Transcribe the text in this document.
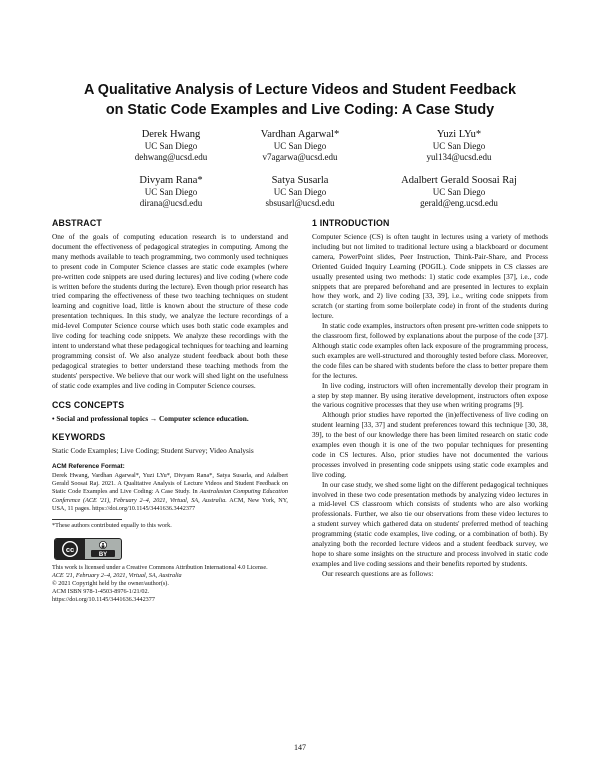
A Qualitative Analysis of Lecture Videos and Student Feedback
on Static Code Examples and Live Coding: A Case Study
Derek Hwang
UC San Diego
dehwang@ucsd.edu
Vardhan Agarwal*
UC San Diego
v7agarwa@ucsd.edu
Yuzi LYu*
UC San Diego
yul134@ucsd.edu
Divyam Rana*
UC San Diego
dirana@ucsd.edu
Satya Susarla
UC San Diego
sbsusarl@ucsd.edu
Adalbert Gerald Soosai Raj
UC San Diego
gerald@eng.ucsd.edu
ABSTRACT

One of the goals of computing education research is to understand and document the effectiveness of pedagogical strategies in computing. Among the many methods available to teach programming, two commonly used techniques to present code in Computer Science classes are static code examples (where pre-written code snippets are used during lectures) and live coding (where code is written before the students during the lecture). Even though prior research has tried comparing the effectiveness of these two teaching techniques on student learning and cognitive load, little is known about the structure of these code presentation techniques. In this study, we analyze the lecture recordings of a mid-level Computer Science course which uses both static code examples and live coding for teaching code snippets. We analyze these recordings with the intent to understand what these pedagogical techniques for teaching and learning programming consist of. We also analyze student feedback about both these pedagogical strategies to better understand these teaching methods from the students' perspective. We believe that our work will shed light on the usefulness of static code examples and live coding in Computer Science courses.

CCS CONCEPTS

• Social and professional topics → Computer science education.

KEYWORDS

Static Code Examples; Live Coding; Student Survey; Video Analysis

ACM Reference Format:

Derek Hwang, Vardhan Agarwal*, Yuzi LYu*, Divyam Rana*, Satya Susarla, and Adalbert Gerald Soosai Raj. 2021. A Qualitative Analysis of Lecture Videos and Student Feedback on Static Code Examples and Live Coding: A Case Study. In Australasian Computing Education Conference (ACE '21), February 2–4, 2021, Virtual, SA, Australia. ACM, New York, NY, USA, 11 pages. https://doi.org/10.1145/3441636.3442377

*These authors contributed equally to this work.

cc
BY
This work is licensed under a Creative Commons Attribution International 4.0 License.
ACE '21, February 2–4, 2021, Virtual, SA, Australia
© 2021 Copyright held by the owner/author(s).
ACM ISBN 978-1-4503-8976-1/21/02.
https://doi.org/10.1145/3441636.3442377
1 INTRODUCTION

Computer Science (CS) is often taught in lectures using a variety of methods including but not limited to traditional lecture using a blackboard or document camera, PowerPoint slides, Peer Instruction, Think-Pair-Share, and Process Oriented Guided Inquiry Learning (POGIL). Code snippets in CS classes are usually presented using two methods: 1) static code examples [37], i.e., code snippets that are prepared beforehand and are presented in lectures to explain how they work, and 2) live coding [33, 39], i.e., writing code snippets from scratch (or starting from some boilerplate code) in front of the students during lecture.

In static code examples, instructors often present pre-written code snippets to the classroom first, followed by explanations about the purpose of the code [37]. Although static code examples often lack exposure of the programming process, such examples are well-structured and thoroughly tested before class. Moreover, the code files can be shared with students before the class to better prepare them for the lectures.

In live coding, instructors will often incrementally develop their program in a step by step manner. By using iterative development, instructors often expose the various cognitive processes that they use when writing programs [9].

Although prior studies have reported the (in)effectiveness of live coding on student learning [33, 37] and student preferences toward this technique [30, 38, 39], to the best of our knowledge there has been limited research on static code examples even though it is one of the two popular techniques for presenting code in CS lectures. Also, prior studies have not documented the various processes involved in presenting code snippets using static code examples and live coding.

In our case study, we shed some light on the different pedagogical techniques involved in these two code presentation methods by analyzing video lectures in a mid-level CS classroom which consists of students who are also working professionals. Further, we also tie our observations from these video lectures to a student survey which gathered data on students' preferred method of teaching programming (static code examples, live coding, or a combination of both). By analyzing both the recorded lecture videos and a student feedback survey, we hope to share some insights on the structure and process involved in static code examples and live coding sessions and their benefits reported by students.

Our research questions are as follows:

147
